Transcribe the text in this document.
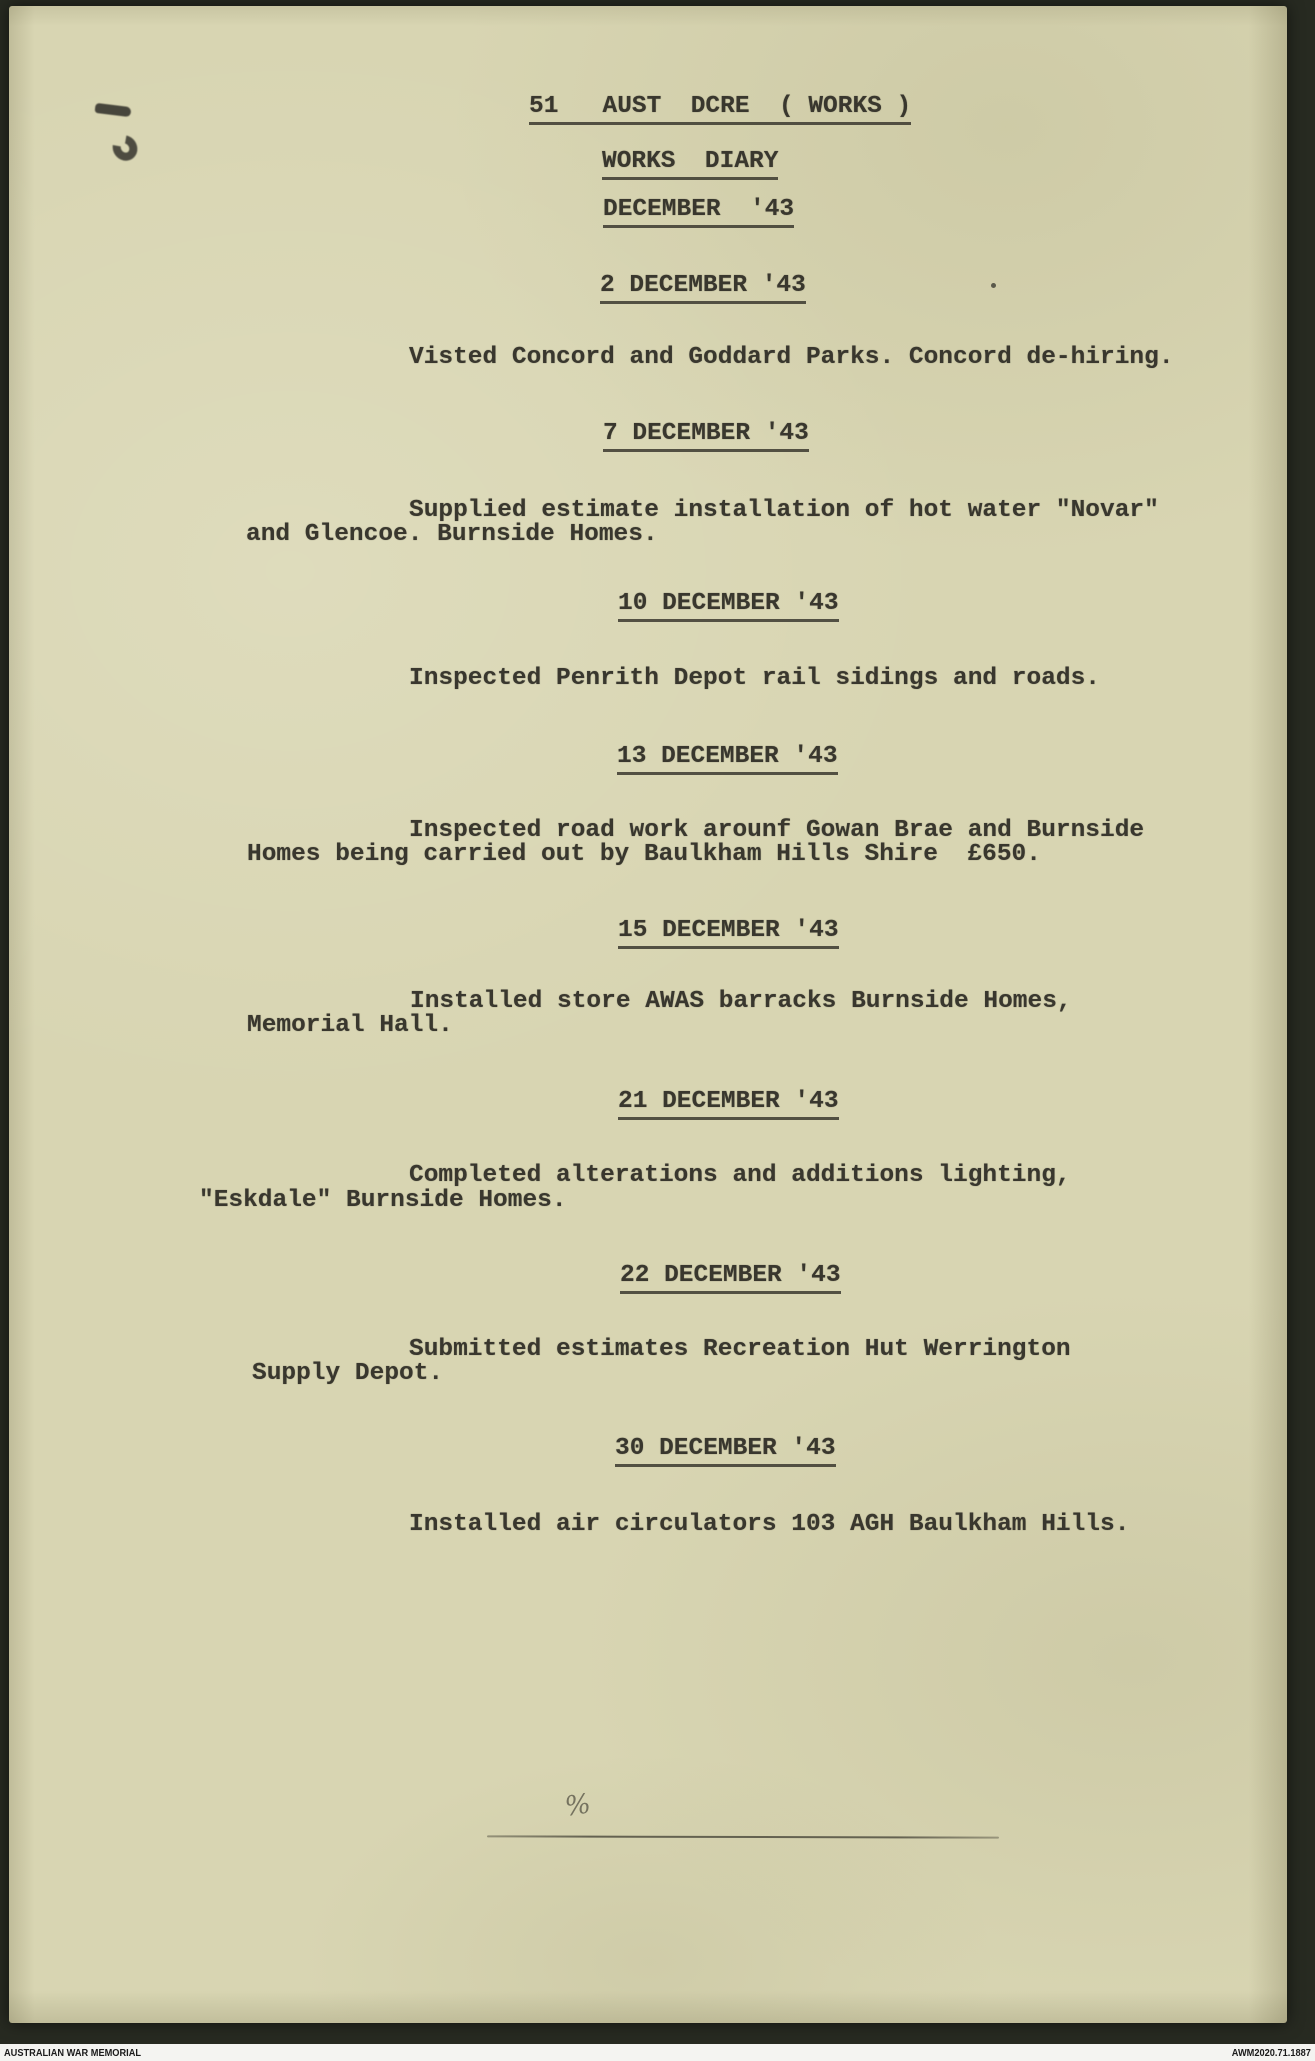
51   AUST  DCRE  ( WORKS )
WORKS  DIARY
DECEMBER  '43
2 DECEMBER '43
Visted Concord and Goddard Parks. Concord de-hiring.
7 DECEMBER '43
Supplied estimate installation of hot water "Novar"
and Glencoe. Burnside Homes.
10 DECEMBER '43
Inspected Penrith Depot rail sidings and roads.
13 DECEMBER '43
Inspected road work arounf Gowan Brae and Burnside
Homes being carried out by Baulkham Hills Shire  £650.
15 DECEMBER '43
Installed store AWAS barracks Burnside Homes,
Memorial Hall.
21 DECEMBER '43
Completed alterations and additions lighting,
"Eskdale" Burnside Homes.
22 DECEMBER '43
Submitted estimates Recreation Hut Werrington
Supply Depot.
30 DECEMBER '43
Installed air circulators 103 AGH Baulkham Hills.
%
AUSTRALIAN WAR MEMORIAL	AWM2020.71.1887
